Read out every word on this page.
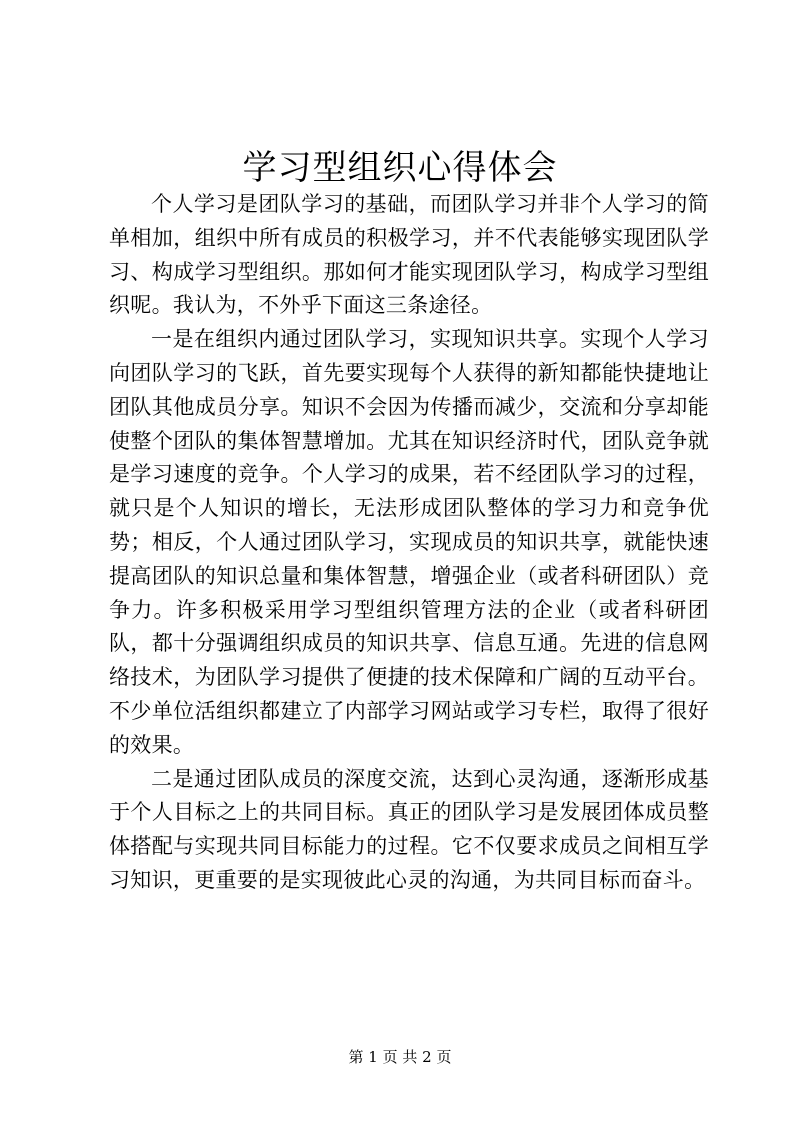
学习型组织心得体会

个人学习是团队学习的基础，而团队学习并非个人学习的简单相加，组织中所有成员的积极学习，并不代表能够实现团队学习、构成学习型组织。那如何才能实现团队学习，构成学习型组织呢。我认为，不外乎下面这三条途径。

一是在组织内通过团队学习，实现知识共享。实现个人学习向团队学习的飞跃，首先要实现每个人获得的新知都能快捷地让团队其他成员分享。知识不会因为传播而减少，交流和分享却能使整个团队的集体智慧增加。尤其在知识经济时代，团队竞争就是学习速度的竞争。个人学习的成果，若不经团队学习的过程，就只是个人知识的增长，无法形成团队整体的学习力和竞争优势；相反，个人通过团队学习，实现成员的知识共享，就能快速提高团队的知识总量和集体智慧，增强企业（或者科研团队）竞争力。许多积极采用学习型组织管理方法的企业（或者科研团队，都十分强调组织成员的知识共享、信息互通。先进的信息网络技术，为团队学习提供了便捷的技术保障和广阔的互动平台。不少单位活组织都建立了内部学习网站或学习专栏，取得了很好的效果。

二是通过团队成员的深度交流，达到心灵沟通，逐渐形成基于个人目标之上的共同目标。真正的团队学习是发展团体成员整体搭配与实现共同目标能力的过程。它不仅要求成员之间相互学习知识，更重要的是实现彼此心灵的沟通，为共同目标而奋斗。

第 1 页 共 2 页
